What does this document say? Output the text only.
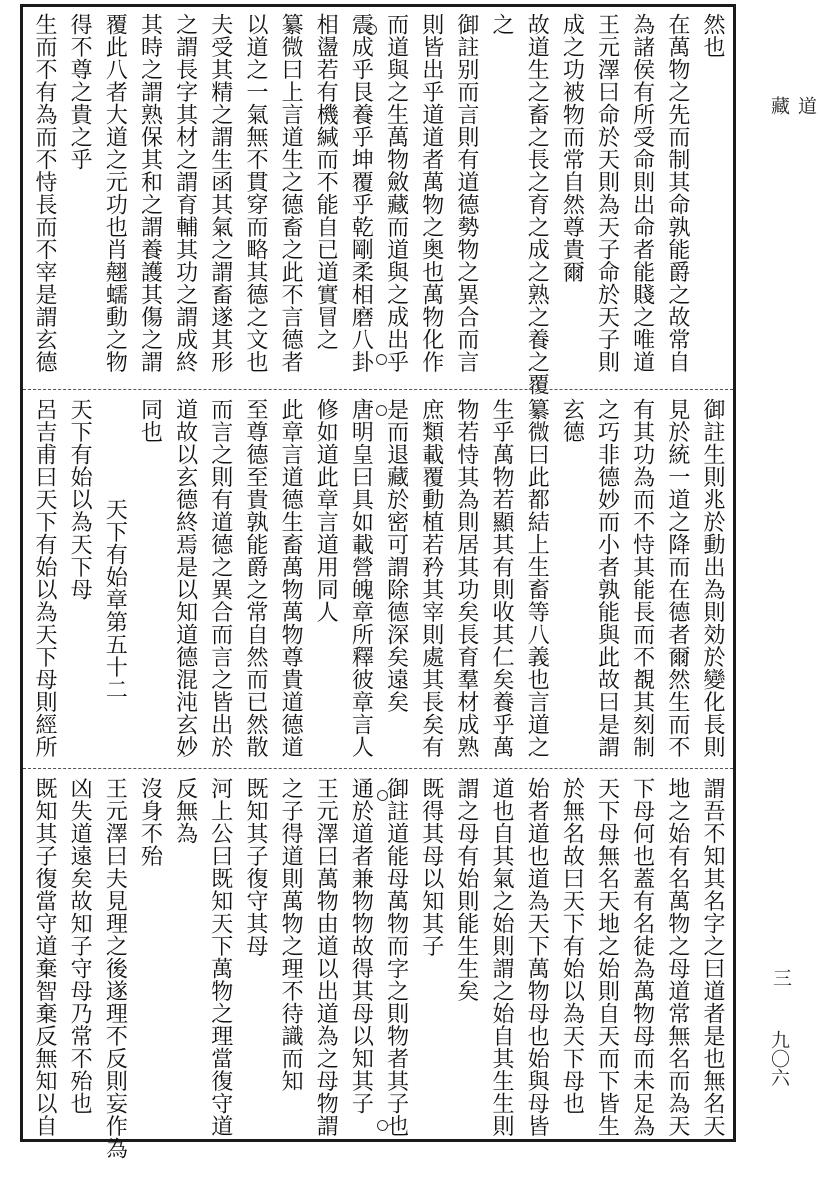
然也
在萬物之先而制其命孰能爵之故常自
為諸侯有所受命則出命者能賤之唯道
王元澤曰命於天則為天子命於天子則
成之功被物而常自然尊貴爾
故道生之畜之長之育之成之熟之養之覆
之
御註别而言則有道德勢物之異合而言
則皆出乎道道者萬物之奥也萬物化作
而道與之生萬物斂藏而道與之成出乎
震成乎艮養乎坤覆乎乾剛柔相磨八卦
相盪若有機緘而不能自已道實冒之
纂微曰上言道生之德畜之此不言德者
以道之一氣無不貫穿而略其德之文也
夫受其精之謂生函其氣之謂畜遂其形
之謂長字其材之謂育輔其功之謂成終
其時之謂熟保其和之謂養護其傷之謂
覆此八者大道之元功也肖翹蠕動之物
得不尊之貴之乎
生而不有為而不恃長而不宰是謂玄德
御註生則兆於動出為則効於變化長則
見於統一道之降而在德者爾然生而不
有其功為而不恃其能長而不覩其刻制
之巧非德妙而小者孰能與此故曰是謂
玄德
纂微曰此都結上生畜等八義也言道之
生乎萬物若顯其有則收其仁矣養乎萬
物若恃其為則居其功矣長育羣材成熟
庶類載覆動植若矜其宰則處其長矣有
是而退藏於密可謂除德深矣遠矣
唐明皇曰具如載營魄章所釋彼章言人
修如道此章言道用同人
此章言道德生畜萬物萬物尊貴道德道
至尊德至貴孰能爵之常自然而已然散
而言之則有道德之異合而言之皆出於
道故以玄德終焉是以知道德混沌玄妙
同也
天下有始章第五十二
天下有始以為天下母
呂吉甫曰天下有始以為天下母則經所
謂吾不知其名字之曰道者是也無名天
地之始有名萬物之母道常無名而為天
下母何也蓋有名徒為萬物母而未足為
天下母無名天地之始則自天而下皆生
於無名故曰天下有始以為天下母也
始者道也道為天下萬物母也始與母皆
道也自其氣之始則謂之始自其生生則
謂之母有始則能生生矣
既得其母以知其子
御註道能母萬物而字之則物者其子也
通於道者兼物物故得其母以知其子
王元澤曰萬物由道以出道為之母物謂
之子得道則萬物之理不待識而知
既知其子復守其母
河上公曰既知天下萬物之理當復守道
反無為
沒身不殆
王元澤曰夫見理之後遂理不反則妄作為
凶失道遠矣故知子守母乃常不殆也
既知其子復當守道棄智棄反無知以自
道
藏
三
九〇六
